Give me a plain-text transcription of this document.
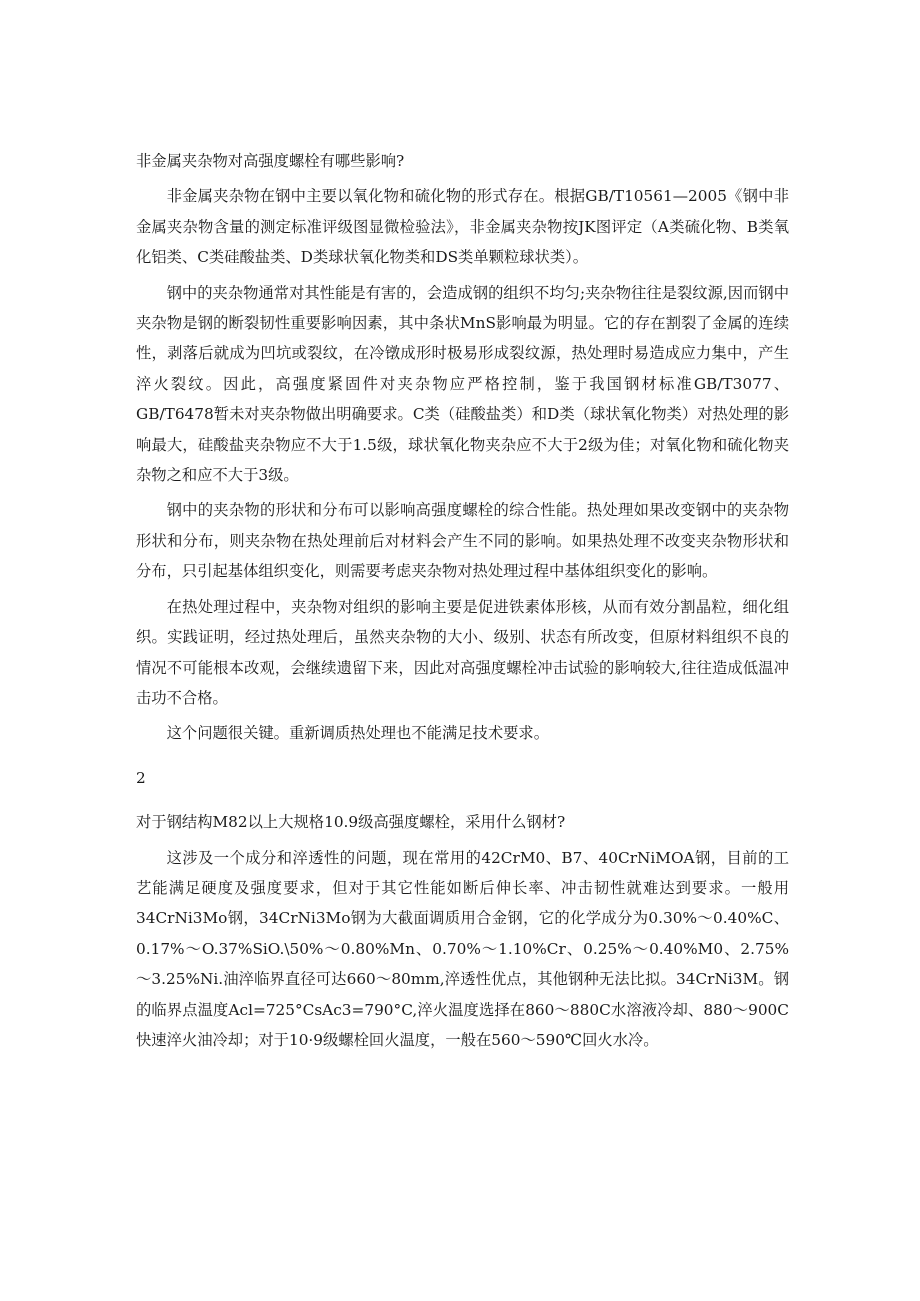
非金属夹杂物对高强度螺栓有哪些影响?

非金属夹杂物在钢中主要以氧化物和硫化物的形式存在。根据GB/T10561—2005《钢中非金属夹杂物含量的测定标准评级图显微检验法》，非金属夹杂物按JK图评定（A类硫化物、B类氧化铝类、C类硅酸盐类、D类球状氧化物类和DS类单颗粒球状类）。

钢中的夹杂物通常对其性能是有害的，会造成钢的组织不均匀;夹杂物往往是裂纹源,因而钢中夹杂物是钢的断裂韧性重要影响因素，其中条状MnS影响最为明显。它的存在割裂了金属的连续性，剥落后就成为凹坑或裂纹，在冷镦成形时极易形成裂纹源，热处理时易造成应力集中，产生淬火裂纹。因此，高强度紧固件对夹杂物应严格控制，鉴于我国钢材标准GB/T3077、GB/T6478暂未对夹杂物做出明确要求。C类（硅酸盐类）和D类（球状氧化物类）对热处理的影响最大，硅酸盐夹杂物应不大于1.5级，球状氧化物夹杂应不大于2级为佳；对氧化物和硫化物夹杂物之和应不大于3级。

钢中的夹杂物的形状和分布可以影响高强度螺栓的综合性能。热处理如果改变钢中的夹杂物形状和分布，则夹杂物在热处理前后对材料会产生不同的影响。如果热处理不改变夹杂物形状和分布，只引起基体组织变化，则需要考虑夹杂物对热处理过程中基体组织变化的影响。

在热处理过程中，夹杂物对组织的影响主要是促进铁素体形核，从而有效分割晶粒，细化组织。实践证明，经过热处理后，虽然夹杂物的大小、级别、状态有所改变，但原材料组织不良的情况不可能根本改观，会继续遗留下来，因此对高强度螺栓冲击试验的影响较大,往往造成低温冲击功不合格。

这个问题很关键。重新调质热处理也不能满足技术要求。

2

对于钢结构M82以上大规格10.9级高强度螺栓，采用什么钢材?

这涉及一个成分和淬透性的问题，现在常用的42CrM0、B7、40CrNiMOA钢，目前的工艺能满足硬度及强度要求，但对于其它性能如断后伸长率、冲击韧性就难达到要求。一般用34CrNi3Mo钢，34CrNi3Mo钢为大截面调质用合金钢，它的化学成分为0.30%～0.40%C、0.17%～O.37%SiO.\50%～0.80%Mn、0.70%～1.10%Cr、0.25%～0.40%M0、2.75%～3.25%Ni.油淬临界直径可达660～80mm,淬透性优点，其他钢种无法比拟。34CrNi3M。钢的临界点温度Acl=725°CsAc3=790°C,淬火温度选择在860～880C水溶液冷却、880～900C快速淬火油冷却；对于10·9级螺栓回火温度，一般在560～590℃回火水冷。
